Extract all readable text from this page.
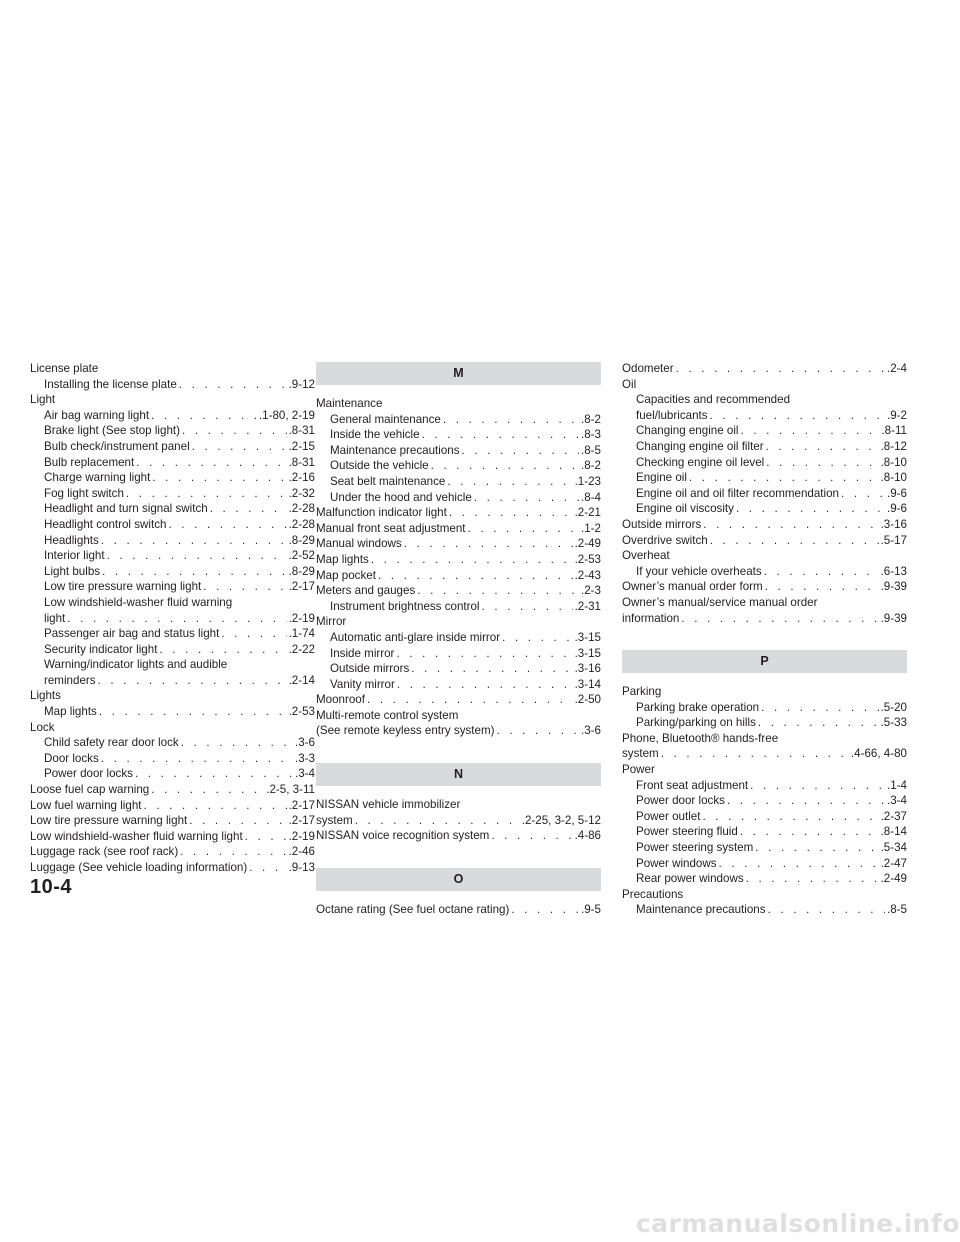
License plate
Installing the license plate . . .	.9-12
Light
Air bag warning light . . .	.1-80, 2-19
Brake light (See stop light) . . .	.8-31
Bulb check/instrument panel . . .	.2-15
Bulb replacement . . .	.8-31
Charge warning light . . .	.2-16
Fog light switch . . .	.2-32
Headlight and turn signal switch . . .	.2-28
Headlight control switch . . .	.2-28
Headlights . . .	.8-29
Interior light . . .	.2-52
Light bulbs . . .	.8-29
Low tire pressure warning light . . .	.2-17
Low windshield-washer fluid warning
light . . .	.2-19
Passenger air bag and status light . . .	.1-74
Security indicator light . . .	.2-22
Warning/indicator lights and audible
reminders . . .	.2-14
Lights
Map lights . . .	.2-53
Lock
Child safety rear door lock . . .	.3-6
Door locks . . .	.3-3
Power door locks . . .	.3-4
Loose fuel cap warning . . .	.2-5, 3-11
Low fuel warning light . . .	.2-17
Low tire pressure warning light . . .	.2-17
Low windshield-washer fluid warning light . . .	.2-19
Luggage rack (see roof rack) . . .	.2-46
Luggage (See vehicle loading information) . . .	.9-13
M
Maintenance
General maintenance . . .	.8-2
Inside the vehicle . . .	.8-3
Maintenance precautions . . .	.8-5
Outside the vehicle . . .	.8-2
Seat belt maintenance . . .	.1-23
Under the hood and vehicle . . .	.8-4
Malfunction indicator light . . .	.2-21
Manual front seat adjustment . . .	.1-2
Manual windows . . .	.2-49
Map lights . . .	.2-53
Map pocket . . .	.2-43
Meters and gauges . . .	.2-3
Instrument brightness control . . .	.2-31
Mirror
Automatic anti-glare inside mirror . . .	.3-15
Inside mirror . . .	.3-15
Outside mirrors . . .	.3-16
Vanity mirror . . .	.3-14
Moonroof . . .	.2-50
Multi-remote control system
(See remote keyless entry system) . . .	.3-6
N
NISSAN vehicle immobilizer
system . . .	.2-25, 3-2, 5-12
NISSAN voice recognition system . . .	.4-86
O
Octane rating (See fuel octane rating) . . .	.9-5
Odometer . . .	.2-4
Oil
Capacities and recommended
fuel/lubricants . . .	.9-2
Changing engine oil . . .	.8-11
Changing engine oil filter . . .	.8-12
Checking engine oil level . . .	.8-10
Engine oil . . .	.8-10
Engine oil and oil filter recommendation . . .	.9-6
Engine oil viscosity . . .	.9-6
Outside mirrors . . .	.3-16
Overdrive switch . . .	.5-17
Overheat
If your vehicle overheats . . .	.6-13
Owner’s manual order form . . .	.9-39
Owner’s manual/service manual order
information . . .	.9-39
P
Parking
Parking brake operation . . .	.5-20
Parking/parking on hills . . .	.5-33
Phone, Bluetooth® hands-free
system . . .	.4-66, 4-80
Power
Front seat adjustment . . .	.1-4
Power door locks . . .	.3-4
Power outlet . . .	.2-37
Power steering fluid . . .	.8-14
Power steering system . . .	.5-34
Power windows . . .	.2-47
Rear power windows . . .	.2-49
Precautions
Maintenance precautions . . .	.8-5
10-4
carmanualsonline.info
